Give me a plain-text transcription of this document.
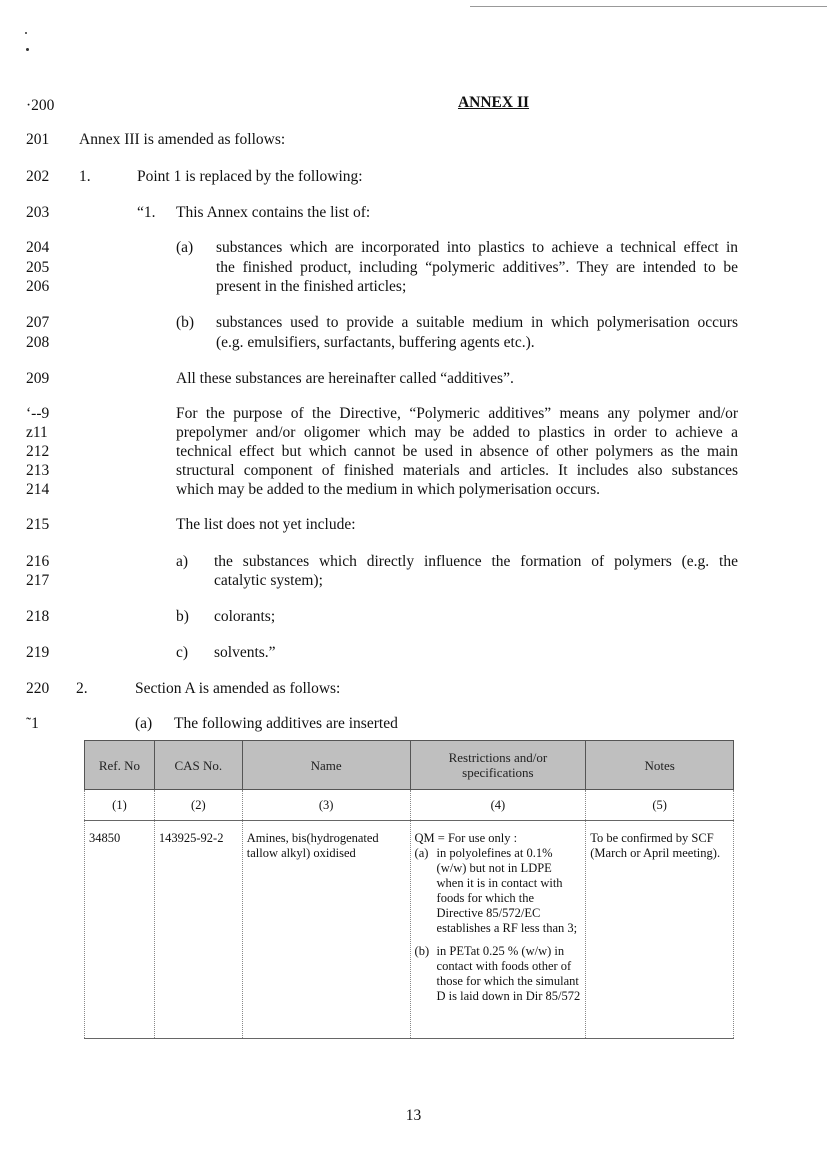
·200	ANNEX II
201 Annex III is amended as follows:
202 1.	Point 1 is replaced by the following:
203	“1. This Annex contains the list of:
204	(a) substances which are incorporated into plastics to achieve a technical effect in
205	the finished product, including “polymeric additives”. They are intended to be
206	present in the finished articles;
207	(b) substances used to provide a suitable medium in which polymerisation occurs
208	(e.g. emulsifiers, surfactants, buffering agents etc.).
209	All these substances are hereinafter called “additives”.
‘‐‐9	For the purpose of the Directive, “Polymeric additives” means any polymer and/or
ᴢ11	prepolymer and/or oligomer which may be added to plastics in order to achieve a
212	technical effect but which cannot be used in absence of other polymers as the main
213	structural component of finished materials and articles. It includes also substances
214	which may be added to the medium in which polymerisation occurs.
215	The list does not yet include:
216	a) the substances which directly influence the formation of polymers (e.g. the
217	catalytic system);
218	b) colorants;
219	c) solvents.”
220 2.	Section A is amended as follows:
˜1	(a) The following additives are inserted
Ref. No	CAS No.	Name	Restrictions and/or specifications	Notes
(1)	(2)	(3)	(4)	(5)
34850	143925-92-2	Amines, bis(hydrogenated tallow alkyl) oxidised	QM = For use only :
(a) in polyolefines at 0.1% (w/w) but not in LDPE when it is in contact with foods for which the Directive 85/572/EC establishes a RF less than 3;
(b) in PETat 0.25 % (w/w) in contact with foods other of those for which the simulant D is laid down in Dir 85/572	To be confirmed by SCF (March or April meeting).
13
